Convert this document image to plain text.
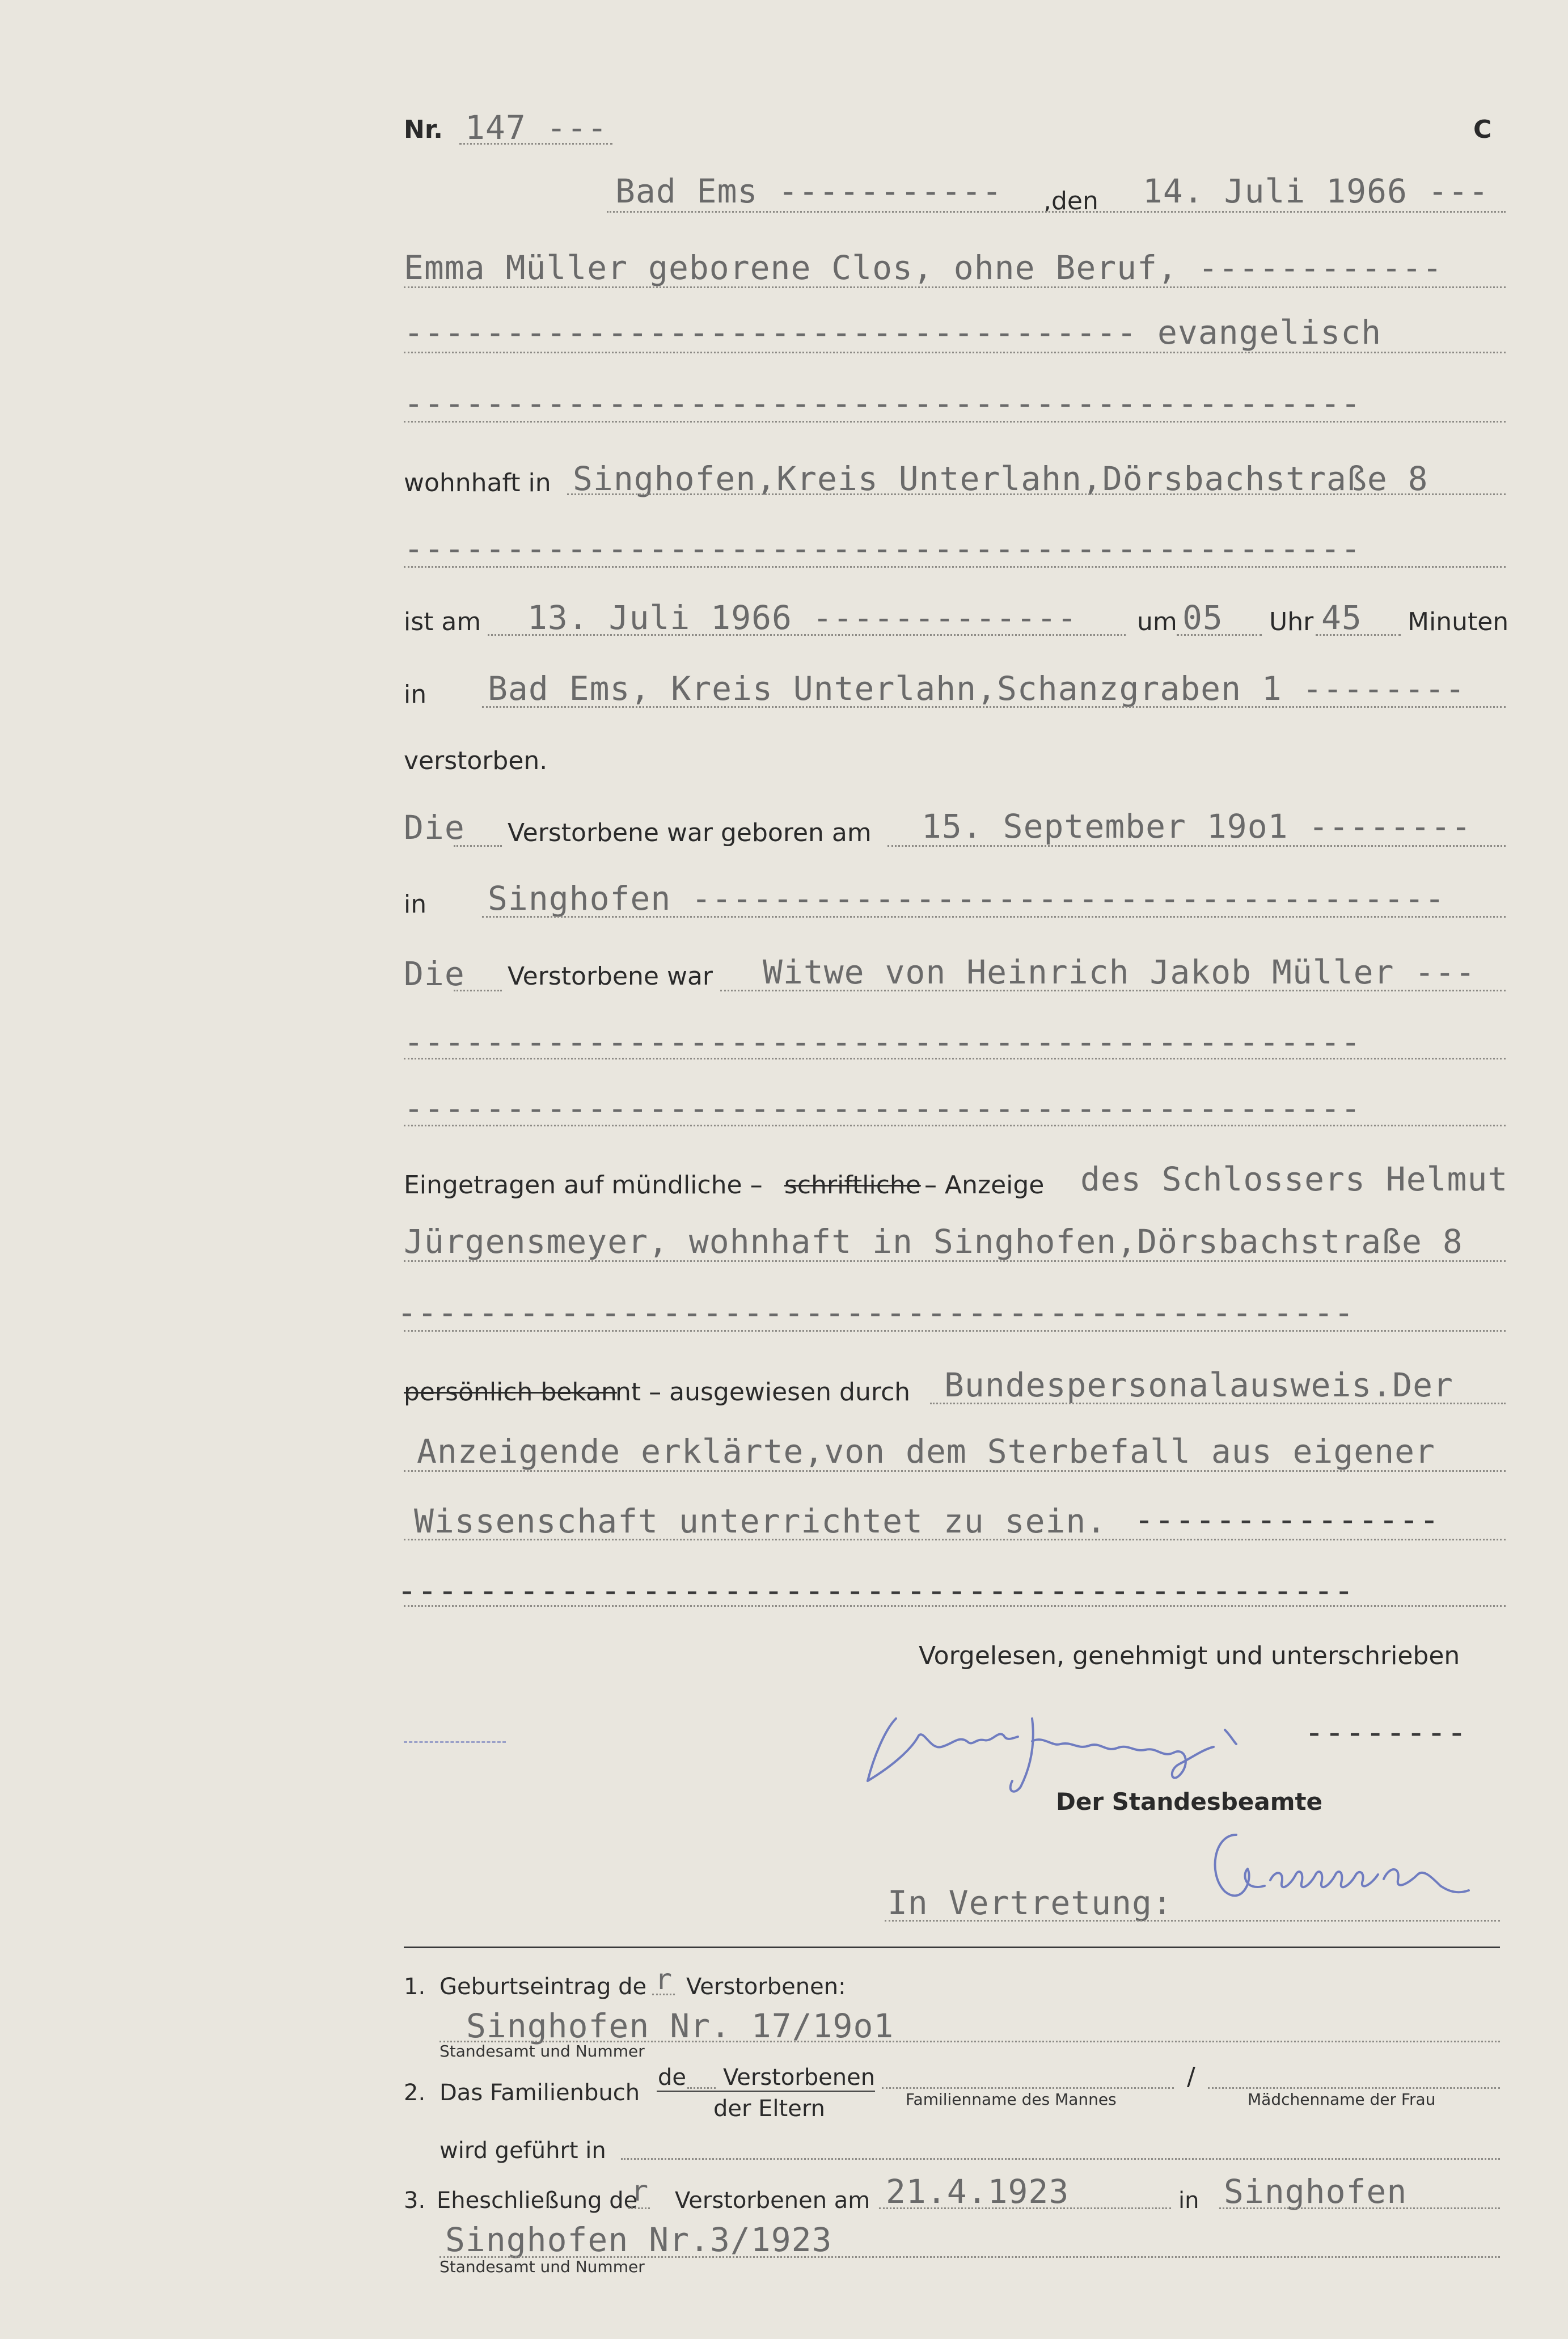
Nr. 147 ---	C
Bad Ems ----------- ,den 14. Juli 1966 ---
Emma Müller geborene Clos, ohne Beruf, ------------
------------------------------------ evangelisch
-----------------------------------------------
wohnhaft in Singhofen,Kreis Unterlahn,Dörsbachstraße 8
-----------------------------------------------
ist am 13. Juli 1966 ------------- um 05 Uhr 45 Minuten
in Bad Ems, Kreis Unterlahn,Schanzgraben 1 --------
verstorben.
Die Verstorbene war geboren am 15. September 19o1 --------
in Singhofen -------------------------------------
Die Verstorbene war Witwe von Heinrich Jakob Müller ---
-----------------------------------------------
-----------------------------------------------
Eingetragen auf mündliche – schriftliche – Anzeige des Schlossers Helmut
Jürgensmeyer, wohnhaft in Singhofen,Dörsbachstraße 8
-----------------------------------------------
persönlich bekan
nt – ausgewiesen durch Bundespersonalausweis.Der
Anzeigende erklärte,von dem Sterbefall aus eigener
Wissenschaft unterrichtet zu sein. ---------------
-----------------------------------------------
Vorgelesen, genehmigt und unterschrieben
--------
Der Standesbeamte
In Vertretung:
1. Geburtseintrag de r Verstorbenen:
Singhofen Nr. 17/19o1
Standesamt und Nummer
2. Das Familienbuch
de Verstorbenen
der Eltern	Familienname des Mannes
/
Mädchenname der Frau
wird geführt in
3. Eheschließung de
r Verstorbenen am 21.4.1923	in Singhofen
Singhofen Nr.3/1923
Standesamt und Nummer
